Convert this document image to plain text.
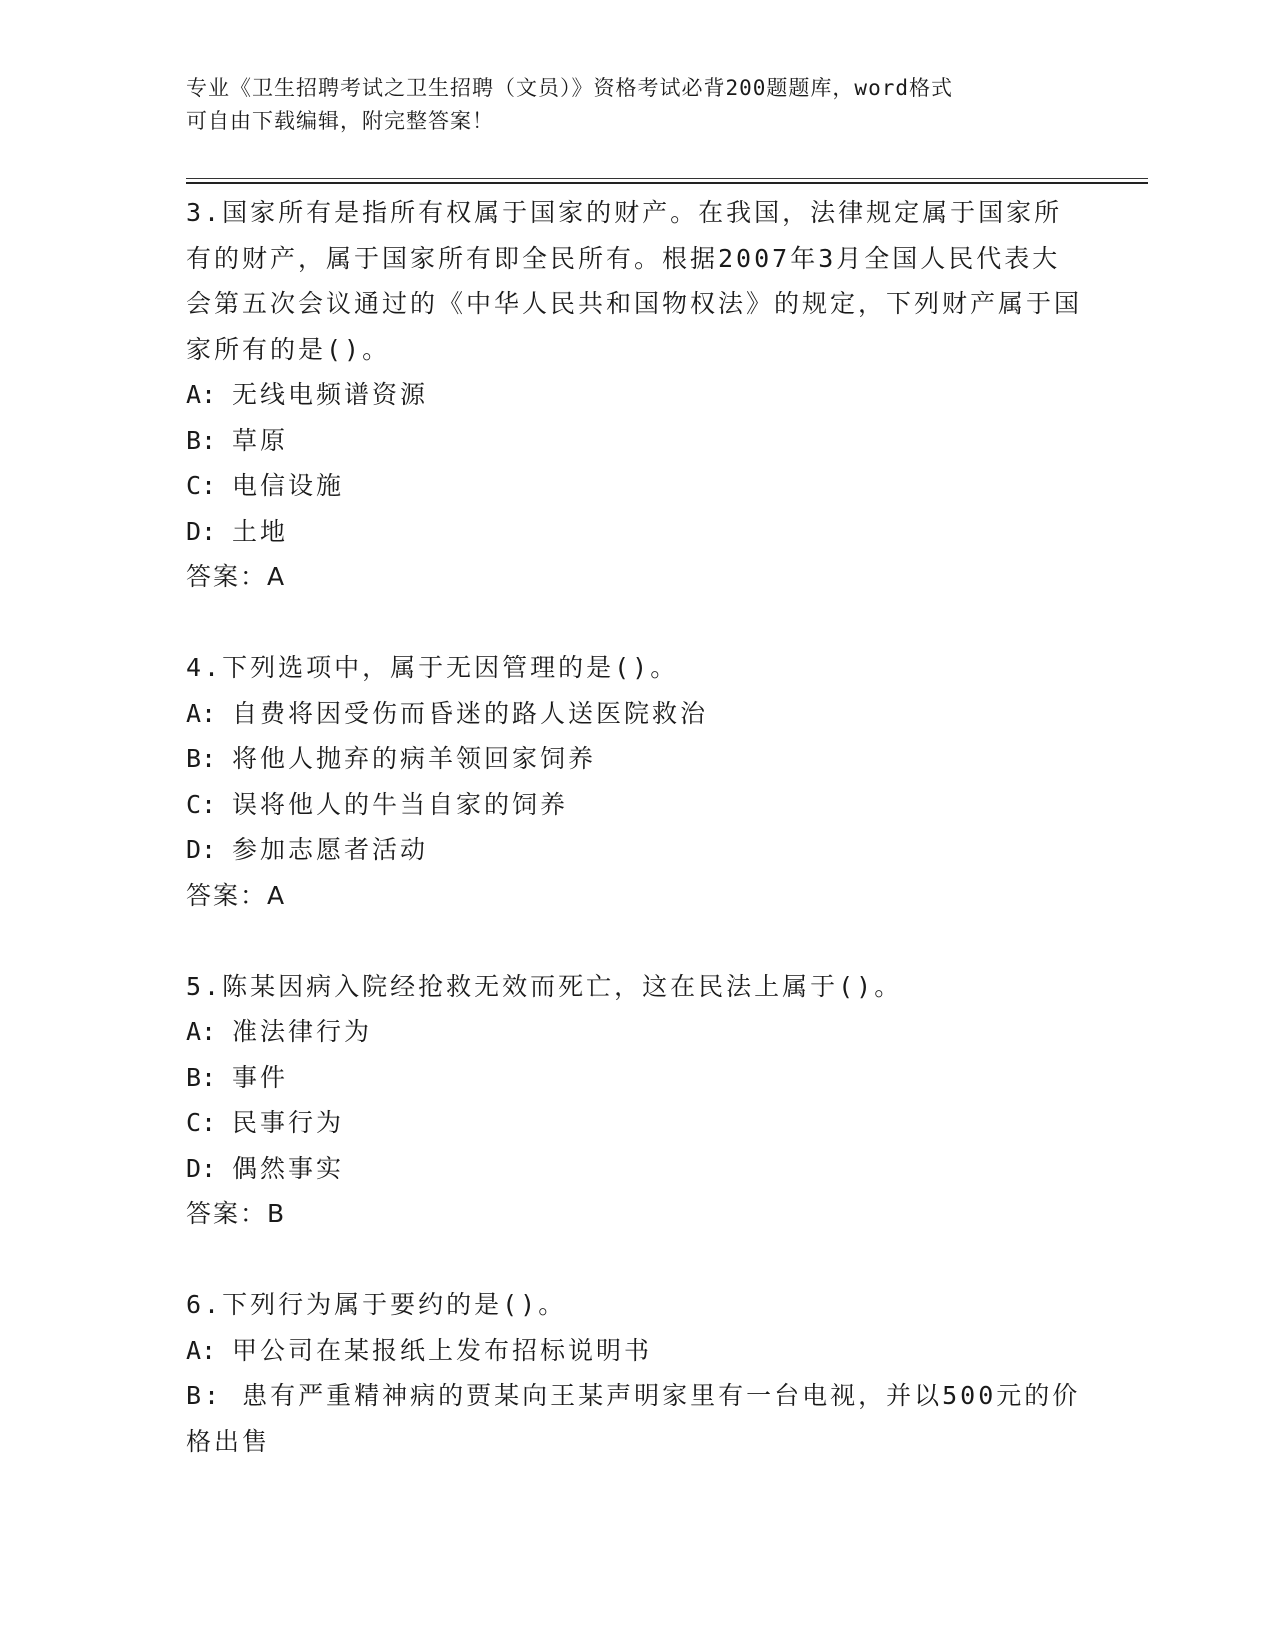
专业《卫生招聘考试之卫生招聘（文员）》资格考试必背200题题库，word格式
可自由下载编辑，附完整答案！
3.国家所有是指所有权属于国家的财产。在我国，法律规定属于国家所有的财产，属于国家所有即全民所有。根据2007年3月全国人民代表大会第五次会议通过的《中华人民共和国物权法》的规定，下列财产属于国家所有的是()。
A: 无线电频谱资源
B: 草原
C: 电信设施
D: 土地
答案：A
4.下列选项中，属于无因管理的是()。
A: 自费将因受伤而昏迷的路人送医院救治
B: 将他人抛弃的病羊领回家饲养
C: 误将他人的牛当自家的饲养
D: 参加志愿者活动
答案：A
5.陈某因病入院经抢救无效而死亡，这在民法上属于()。
A: 准法律行为
B: 事件
C: 民事行为
D: 偶然事实
答案：B
6.下列行为属于要约的是()。
A: 甲公司在某报纸上发布招标说明书
B: 患有严重精神病的贾某向王某声明家里有一台电视，并以500元的价格出售
